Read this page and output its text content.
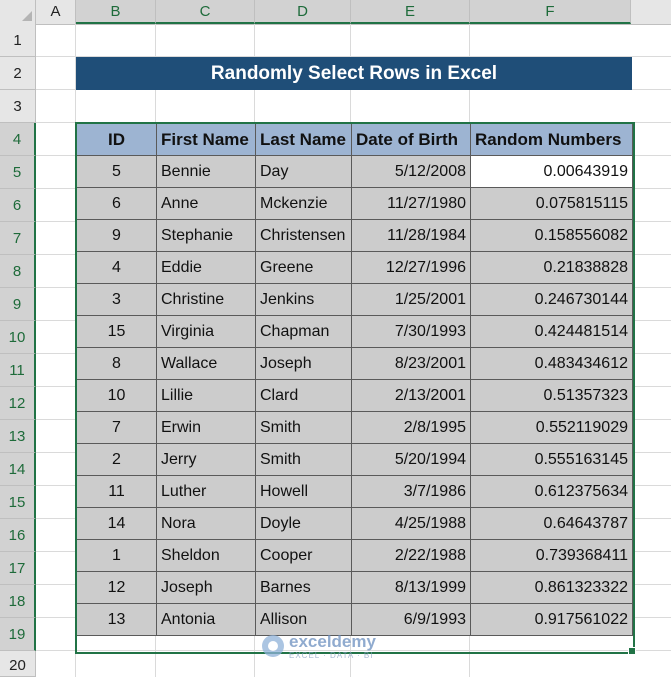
A	B	C	D	E	F
1
2
3
4
5
6
7
8
9
10
11
12
13
14
15
16
17
18
19
20
Randomly Select Rows in Excel
ID	First Name	Last Name	Date of Birth	Random Numbers
5	Bennie	Day	5/12/2008	0.00643919
6	Anne	Mckenzie	11/27/1980	0.075815115
9	Stephanie	Christensen	11/28/1984	0.158556082
4	Eddie	Greene	12/27/1996	0.21838828
3	Christine	Jenkins	1/25/2001	0.246730144
15	Virginia	Chapman	7/30/1993	0.424481514
8	Wallace	Joseph	8/23/2001	0.483434612
10	Lillie	Clard	2/13/2001	0.51357323
7	Erwin	Smith	2/8/1995	0.552119029
2	Jerry	Smith	5/20/1994	0.555163145
11	Luther	Howell	3/7/1986	0.612375634
14	Nora	Doyle	4/25/1988	0.64643787
1	Sheldon	Cooper	2/22/1988	0.739368411
12	Joseph	Barnes	8/13/1999	0.861323322
13	Antonia	Allison	6/9/1993	0.917561022
exceldemy
EXCEL · DATA · BI
